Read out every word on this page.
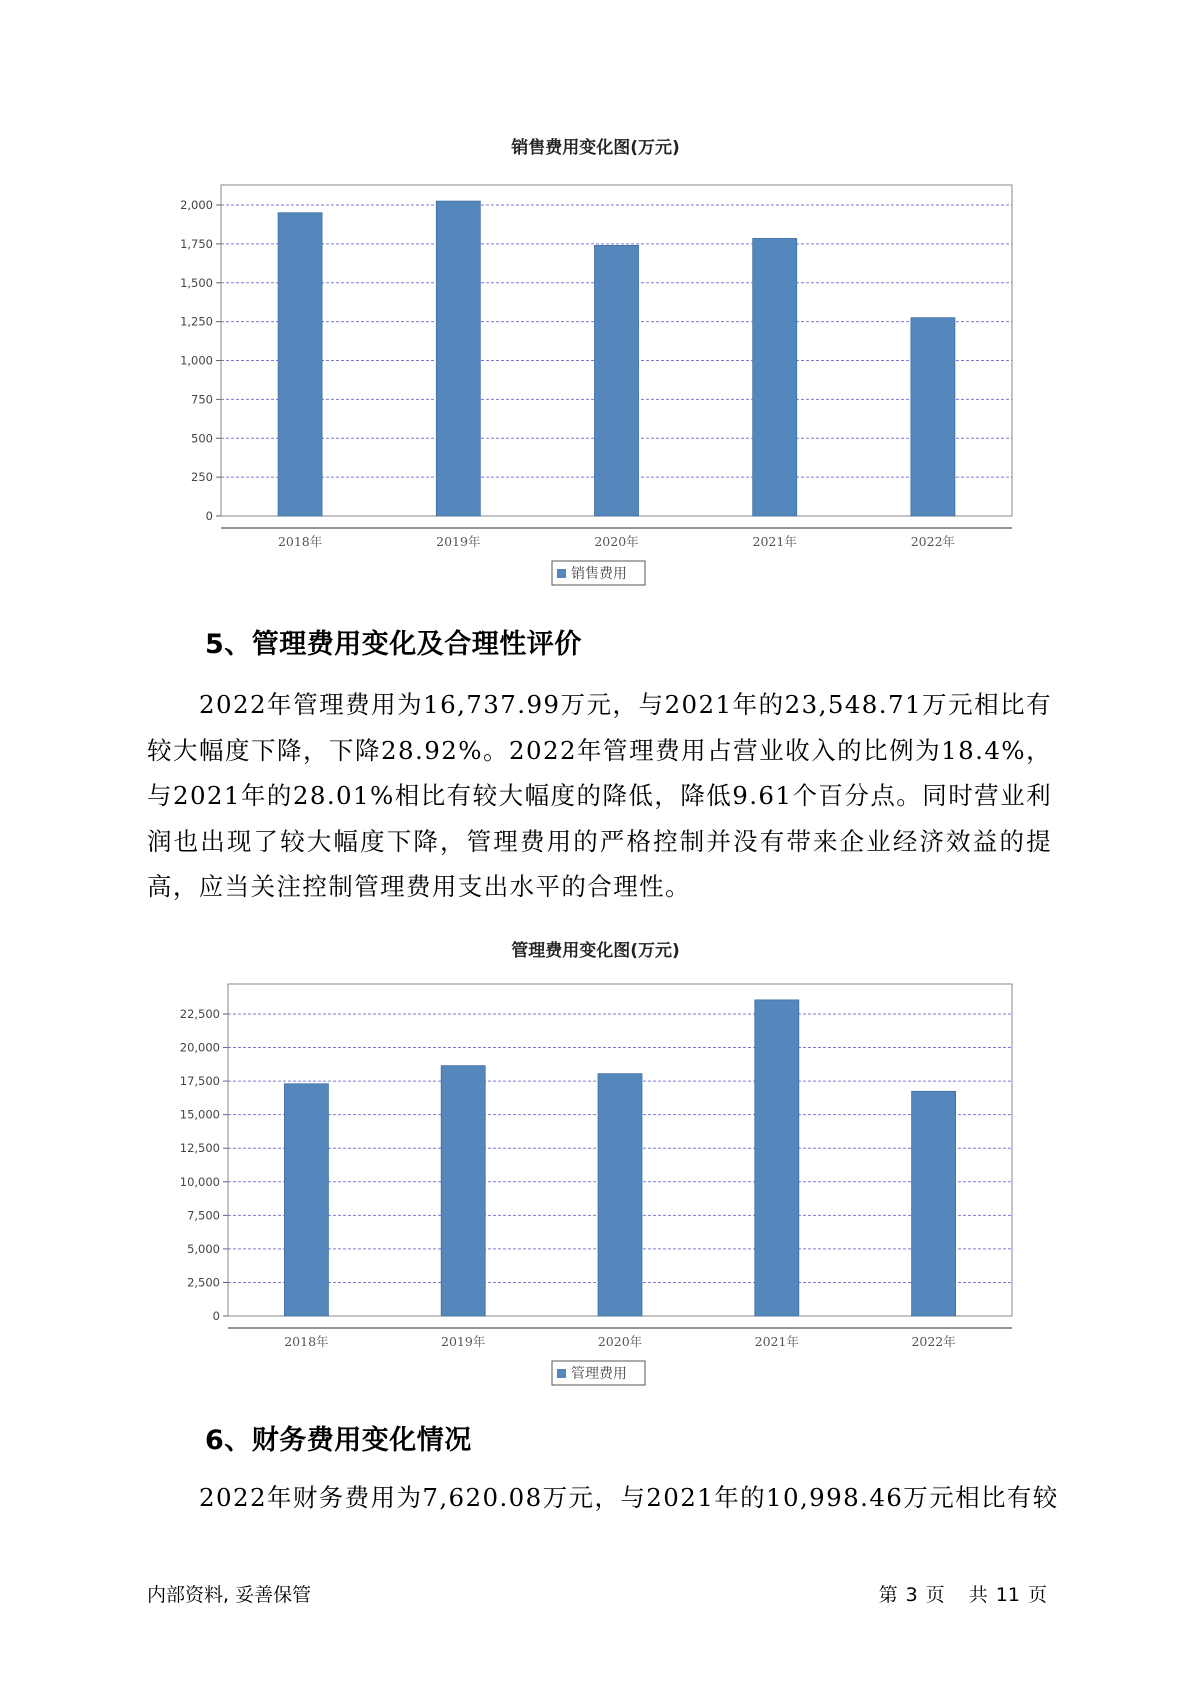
销售费用变化图(万元)
0
250
500
750
1,000
1,250
1,500
1,750
2,000
2018年	2019年	2020年	2021年	2022年
销售费用
5、管理费用变化及合理性评价

2022年管理费用为16,737.99万元，与2021年的23,548.71万元相比有较大幅度下降，下降28.92%。2022年管理费用占营业收入的比例为18.4%，与2021年的28.01%相比有较大幅度的降低，降低9.61个百分点。同时营业利润也出现了较大幅度下降，管理费用的严格控制并没有带来企业经济效益的提高，应当关注控制管理费用支出水平的合理性。

管理费用变化图(万元)
0
2,500
5,000
7,500
10,000
12,500
15,000
17,500
20,000
22,500
2018年	2019年	2020年	2021年	2022年
管理费用
6、财务费用变化情况

2022年财务费用为7,620.08万元，与2021年的10,998.46万元相比有较

内部资料, 妥善保管	第 3 页 共 11 页
